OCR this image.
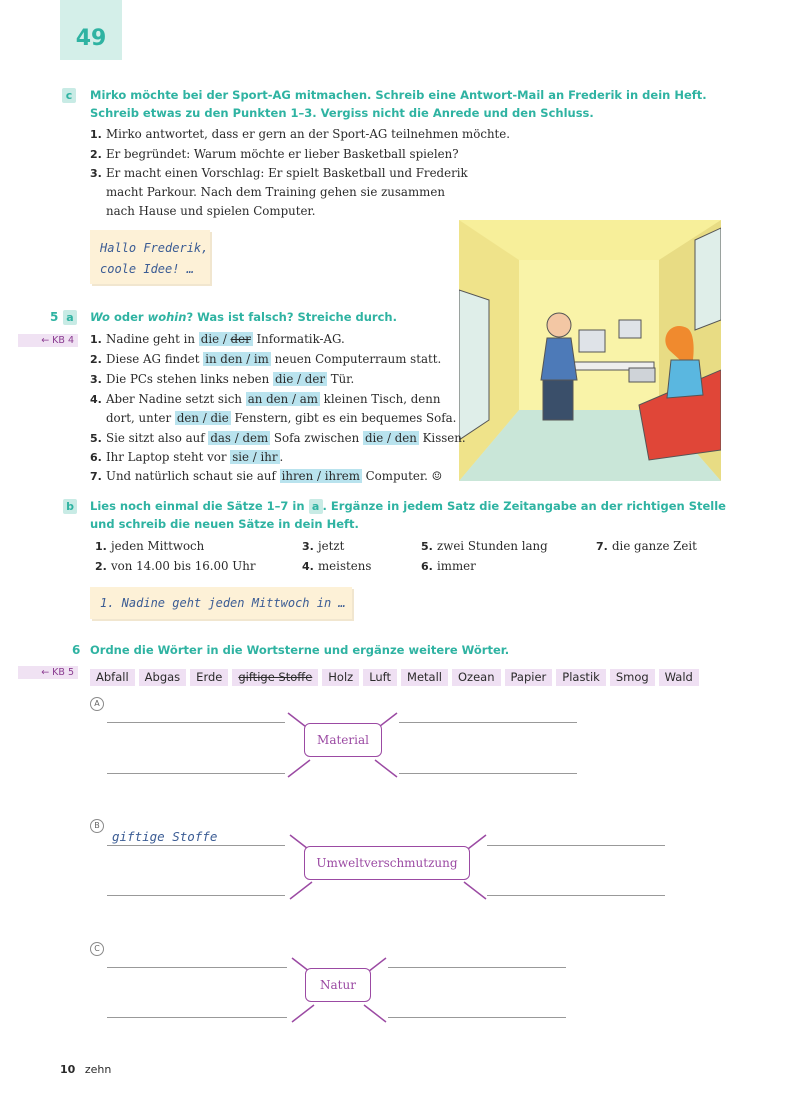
49
c	Mirko möchte bei der Sport-AG mitmachen. Schreib eine Antwort-Mail an Frederik in dein Heft.
Schreib etwas zu den Punkten 1–3. Vergiss nicht die Anrede und den Schluss.
1. Mirko antwortet, dass er gern an der Sport-AG teilnehmen möchte.
2. Er begründet: Warum möchte er lieber Basketball spielen?
3. Er macht einen Vorschlag: Er spielt Basketball und Frederik
macht Parkour. Nach dem Training gehen sie zusammen
nach Hause und spielen Computer.
Hallo Frederik,
coole Idee! …
5 a Wo oder wohin? Was ist falsch? Streiche durch.
← KB 4	1. Nadine geht in die / der Informatik-AG.
2. Diese AG findet in den / im neuen Computerraum statt.
3. Die PCs stehen links neben die / der Tür.
4. Aber Nadine setzt sich an den / am kleinen Tisch, denn
dort, unter den / die Fenstern, gibt es ein bequemes Sofa.
5. Sie sitzt also auf das / dem Sofa zwischen die / den Kissen.
6. Ihr Laptop steht vor sie / ihr .
7. Und natürlich schaut sie auf ihren / ihrem Computer. ☺
b Lies noch einmal die Sätze 1–7 in a . Ergänze in jedem Satz die Zeitangabe an der richtigen Stelle
und schreib die neuen Sätze in dein Heft.
1. jeden Mittwoch
2. von 14.00 bis 16.00 Uhr
3. jetzt
4. meistens
5. zwei Stunden lang
6. immer
7. die ganze Zeit
1. Nadine geht jeden Mittwoch in …
6 Ordne die Wörter in die Wortsterne und ergänze weitere Wörter.
← KB 5	Abfall Abgas Erde giftige Stoffe Holz Luft Metall Ozean Papier Plastik Smog Wald
A
Material
B
giftige Stoffe
Umweltverschmutzung
C
Natur
10 zehn
